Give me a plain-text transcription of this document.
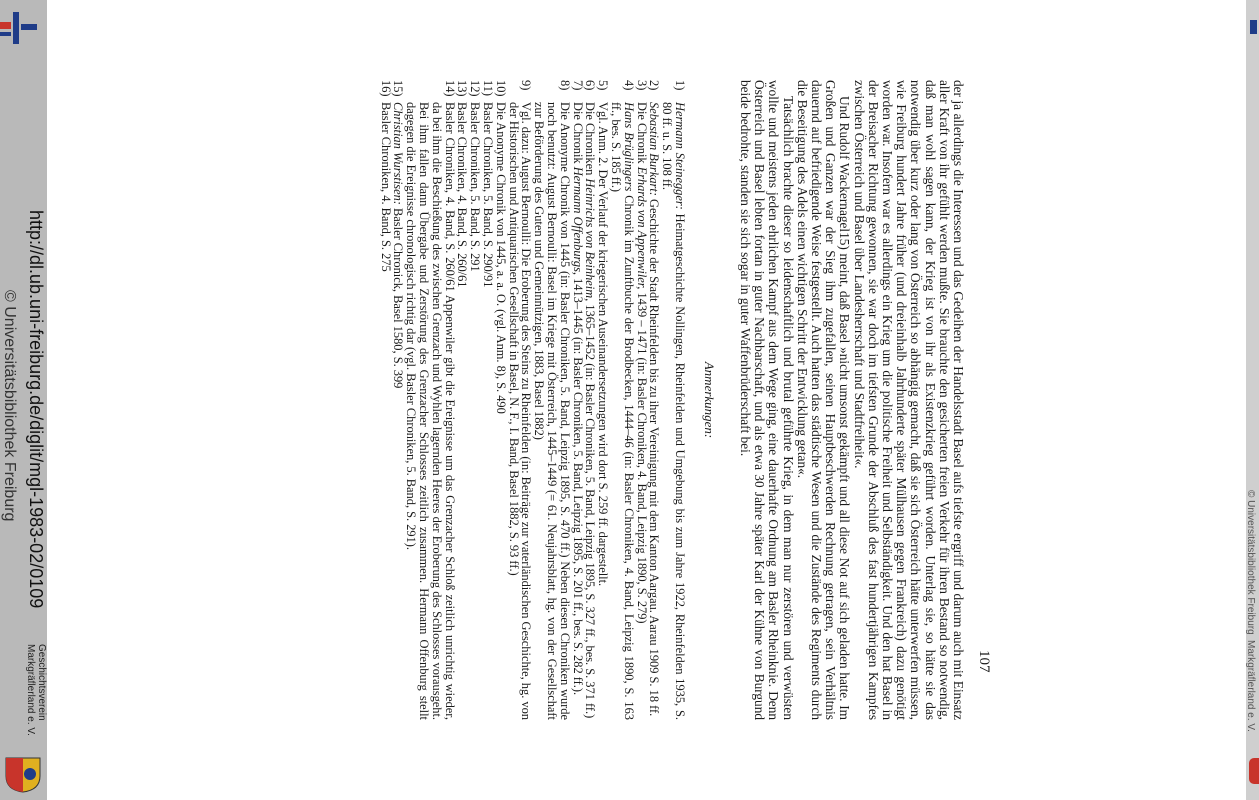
http://dl.ub.uni-freiburg.de/diglit/mgl-1983-02/0109
© Universitätsbibliothek Freiburg
Geschichtsverein
Markgräflerland e. V.
© Universitätsbibliothek Freiburg
Markgräflerland e. V.
107

der ja allerdings die Interessen und das Gedeihen der Handelsstadt Basel aufs tiefste ergriff und darum auch mit Einsatz aller Kraft von ihr gefühlt werden mußte. Sie brauchte den gesicherten freien Verkehr für ihren Bestand so notwendig, daß man wohl sagen kann, der Krieg ist von ihr als Existenzkrieg geführt worden. Unterlag sie, so hätte sie das notwendig über kurz oder lang von Österreich so abhängig gemacht, daß sie sich Österreich hätte unterwerfen müssen, wie Freiburg hundert Jahre früher (und dreieinhalb Jahrhunderte später Mülhausen gegen Frankreich) dazu genötigt worden war. Insofern war es allerdings ein Krieg um die politische Freiheit und Selbständigkeit. Und den hat Basel in der Breisacher Richtung gewonnen, sie war doch im tiefsten Grunde der Abschluß des fast hundertjährigen Kampfes zwischen Österreich und Basel über Landesherrschaft und Stadtfreiheit«.

Und Rudolf Wackernagel15) meint, daß Basel »nicht umsonst gekämpft und all diese Not auf sich geladen hatte. Im Großen und Ganzen war der Sieg ihm zugefallen, seinen Hauptbeschwerden Rechnung getragen, sein Verhältnis dauernd auf befriedigende Weise festgestellt. Auch hatten das städtische Wesen und die Zustände des Regiments durch die Beseitigung des Adels einen wichtigen Schritt der Entwicklung getan«.

Tatsächlich brachte dieser so leidenschaftlich und brutal geführte Krieg, in dem man nur zerstören und verwüsten wollte und meistens jeden ehrlichen Kampf aus dem Wege ging, eine dauerhafte Ordnung am Basler Rheinknie. Denn Österreich und Basel lebten fortan in guter Nachbarschaft, und als etwa 30 Jahre später Karl der Kühne von Burgund beide bedrohte, standen sie sich sogar in guter Waffenbrüderschaft bei.

Anmerkungen:
1)
Hermann Steinegger: Heimatgeschichte Nollingen, Rheinfelden und Umgebung bis zum Jahre 1922, Rheinfelden 1935, S. 80 ff. u. S. 108 ff.
2)
Sebastian Burkart: Geschichte der Stadt Rheinfelden bis zu ihrer Vereinigung mit dem Kanton Aargau. Aarau 1909 S. 18 ff.
3)
Die Chronik Erhards von Appenwiler, 1439 – 1471 (in: Basler Chroniken, 4. Band, Leipzig 1890, S. 279)
4)
Hans Brüglingers Chronik im Zunftbuche der Brodbecken, 1444–46 (in: Basler Chroniken, 4. Band, Leipzig 1890, S. 163 ff., bes. S. 185 ff.)
5)
Vgl. Anm. 2. Der Verlauf der kriegerischen Auseinandersetzungen wird dort S. 259 ff. dargestellt.
6)
Die Chroniken Heinrichs von Beinheim, 1365–1452 (in: Basler Chroniken, 5. Band, Leipzig 1895, S. 327 ff., bes. S. 371 ff.)
7)
Die Chronik Hermann Offenburgs, 1413–1445 (in: Basler Chroniken, 5. Band, Leipzig 1895, S. 201 ff., bes. S. 282 ff.).
8)
Die Anonyme Chronik von 1445 (in: Basler Chroniken, 5. Band, Leipzig 1895, S. 470 ff.) Neben diesen Chroniken wurde noch benutzt: August Bernoulli: Basel im Kriege mit Österreich, 1445–1449 (= 61. Neujahrsblatt, hg. von der Gesellschaft zur Beförderung des Guten und Gemeinnützigen, 1883, Basel 1882)
9)
Vgl. dazu: August Bernoulli: Die Eroberung des Steins zu Rheinfelden (in: Beiträge zur vaterländischen Geschichte, hg. von der Historischen und Antiquarischen Gesellschaft in Basel, N. F., I. Band, Basel 1882, S. 93 ff.)
10)
Die Anonyme Chronik von 1445, a. a. O. (vgl. Anm. 8), S. 490
11)
Basler Chroniken, 5. Band, S. 290/91
12)
Basler Chroniken, 5. Band, S. 291
13)
Basler Chroniken, 4. Band, S. 260/61
14)
Basler Chroniken, 4. Band, S. 260/61 Appenwiler gibt die Ereignisse um das Grenzacher Schloß zeitlich unrichtig wieder, da bei ihm die Beschießung des zwischen Grenzach und Wyhlen lagernden Heeres der Eroberung des Schlosses vorausgeht. Bei ihm fallen dann Übergabe und Zerstörung des Grenzacher Schlosses zeitlich zusammen. Hermann Offenburg stellt dagegen die Ereignisse chronologisch richtig dar (vgl. Basler Chroniken, 5. Band, S. 291).
15)
Christian Wurstisen: Basler Chronick, Basel 1580, S. 399
16)
Basler Chroniken, 4. Band, S. 275
